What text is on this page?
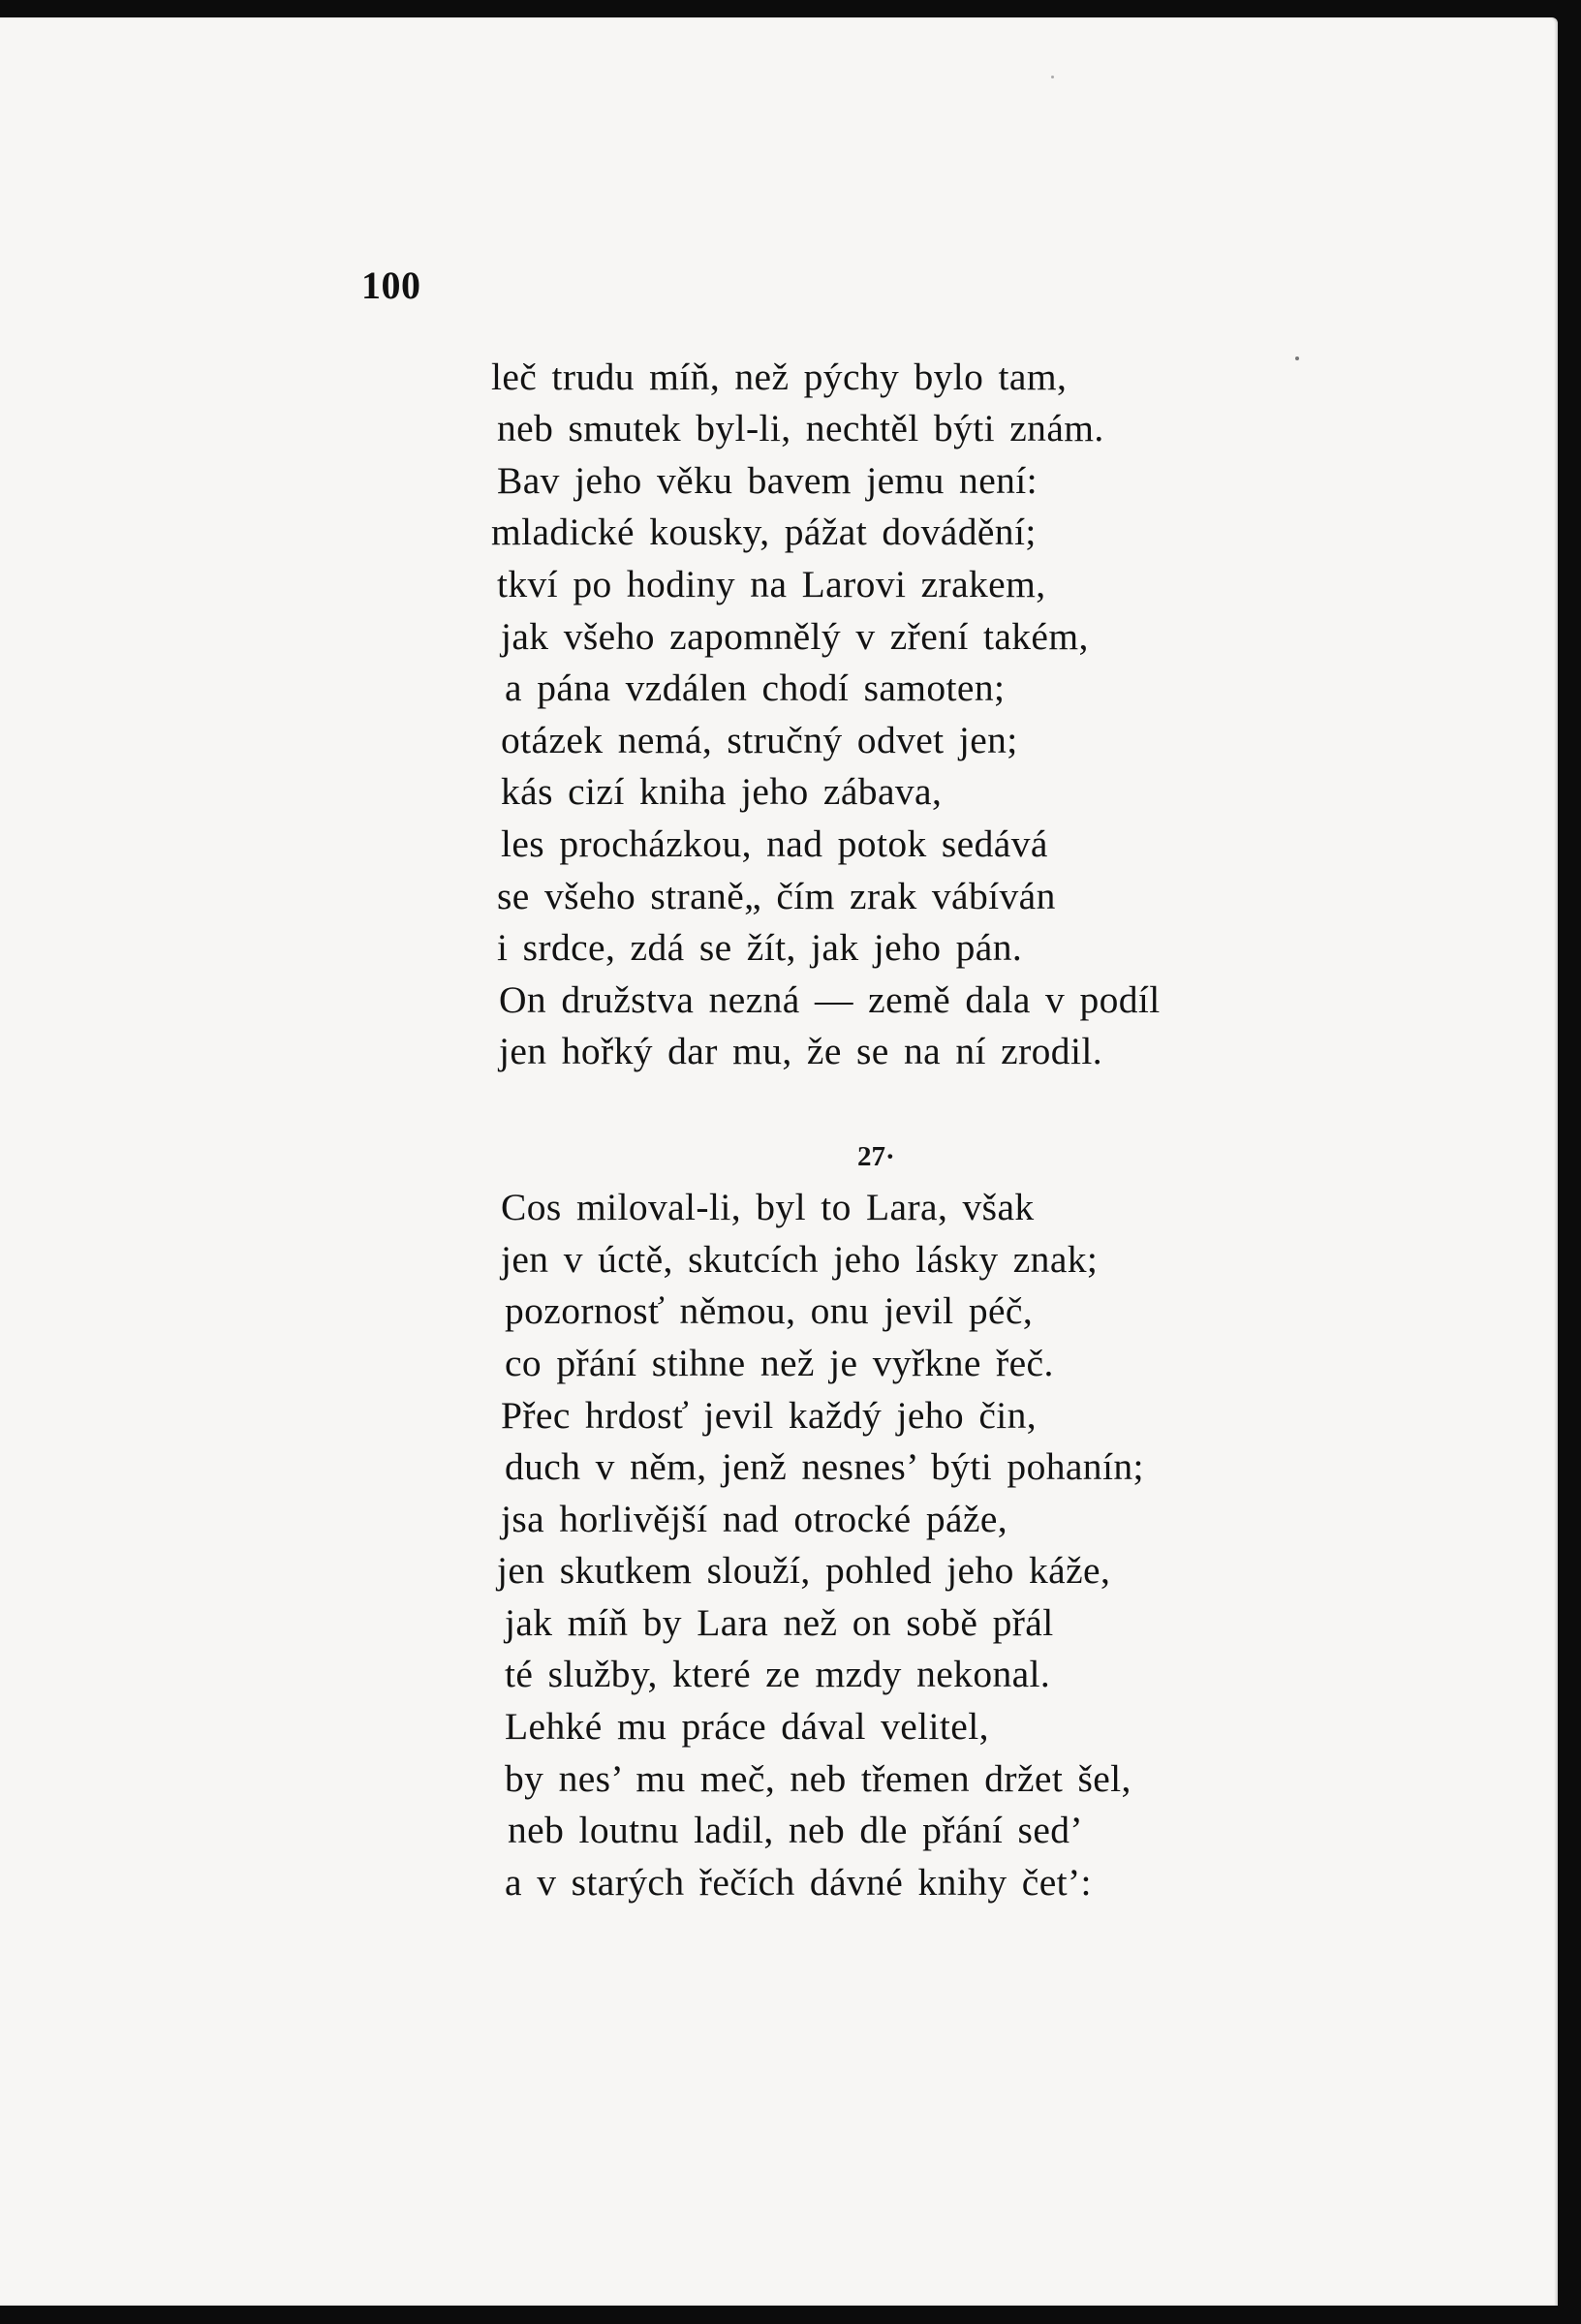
100
leč trudu míň, než pýchy bylo tam,
neb smutek byl-li, nechtěl býti znám.
Bav jeho věku bavem jemu není:
mladické kousky, pážat dovádění;
tkví po hodiny na Larovi zrakem,
jak všeho zapomnělý v zření takém,
a pána vzdálen chodí samoten;
otázek nemá, stručný odvet jen;
kás cizí kniha jeho zábava,
les procházkou, nad potok sedává
se všeho straně„ čím zrak vábíván
i srdce, zdá se žít, jak jeho pán.
On družstva nezná — země dala v podíl
jen hořký dar mu, že se na ní zrodil.
27·
Cos miloval-li, byl to Lara, však
jen v úctě, skutcích jeho lásky znak;
pozornosť němou, onu jevil péč,
co přání stihne než je vyřkne řeč.
Přec hrdosť jevil každý jeho čin,
duch v něm, jenž nesnes’ býti pohanín;
jsa horlivější nad otrocké páže,
jen skutkem slouží, pohled jeho káže,
jak míň by Lara než on sobě přál
té služby, které ze mzdy nekonal.
Lehké mu práce dával velitel,
by nes’ mu meč, neb třemen držet šel,
neb loutnu ladil, neb dle přání sed’
a v starých řečích dávné knihy čet’:
